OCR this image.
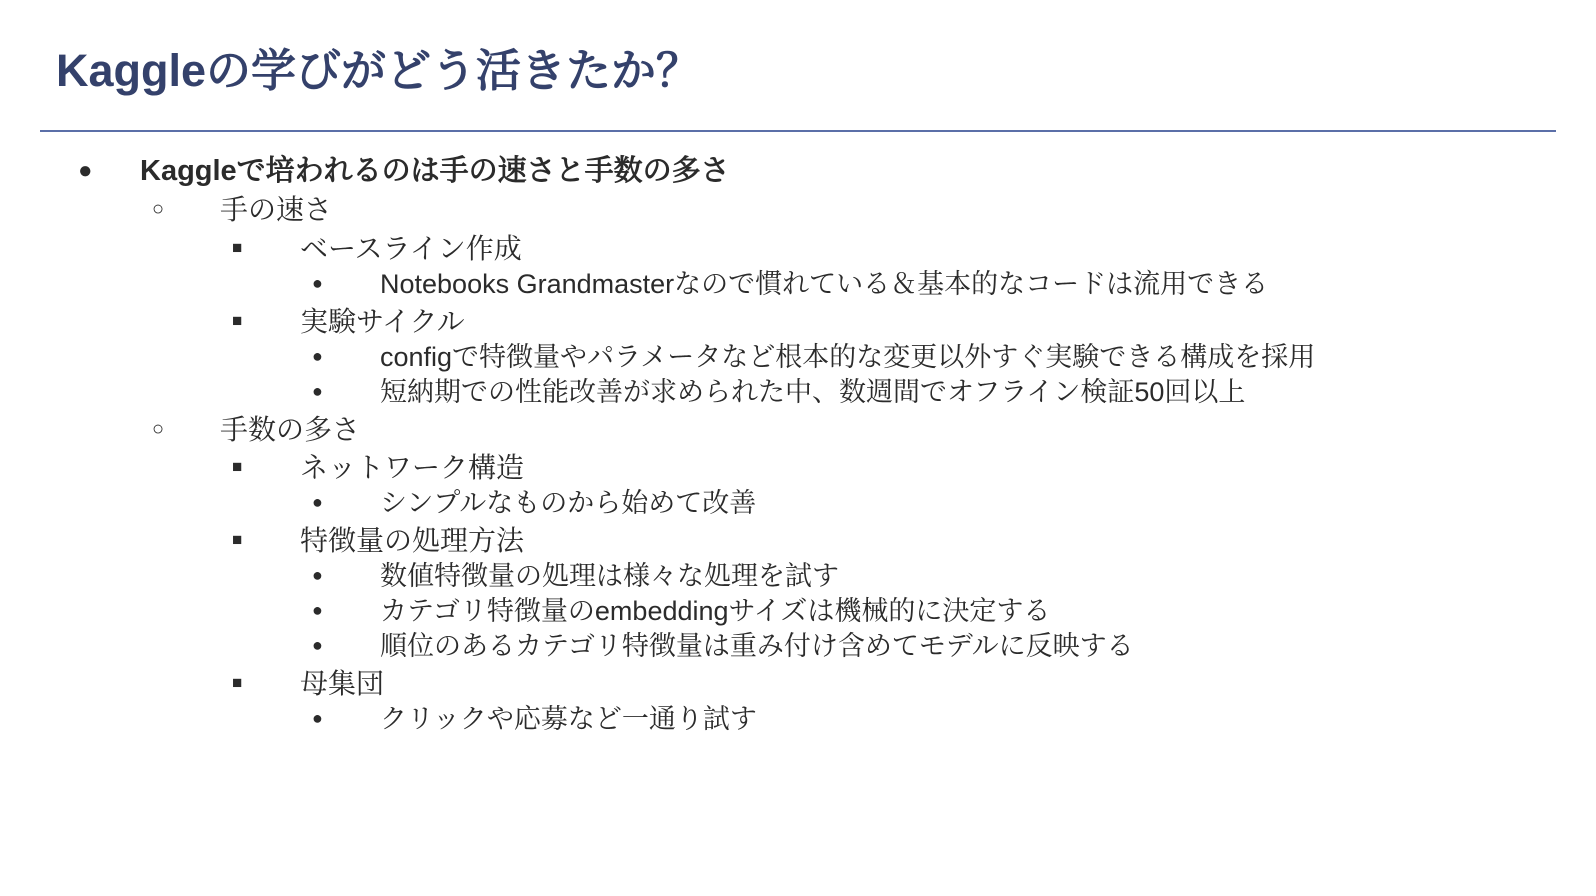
Kaggleの学びがどう活きたか？
● Kaggleで培われるのは手の速さと手数の多さ
○ 手の速さ
■ ベースライン作成
● Notebooks Grandmasterなので慣れている＆基本的なコードは流用できる
■ 実験サイクル
● configで特徴量やパラメータなど根本的な変更以外すぐ実験できる構成を採用
● 短納期での性能改善が求められた中、数週間でオフライン検証50回以上
○ 手数の多さ
■ ネットワーク構造
● シンプルなものから始めて改善
■ 特徴量の処理方法
● 数値特徴量の処理は様々な処理を試す
● カテゴリ特徴量のembeddingサイズは機械的に決定する
● 順位のあるカテゴリ特徴量は重み付け含めてモデルに反映する
■ 母集団
● クリックや応募など一通り試す
